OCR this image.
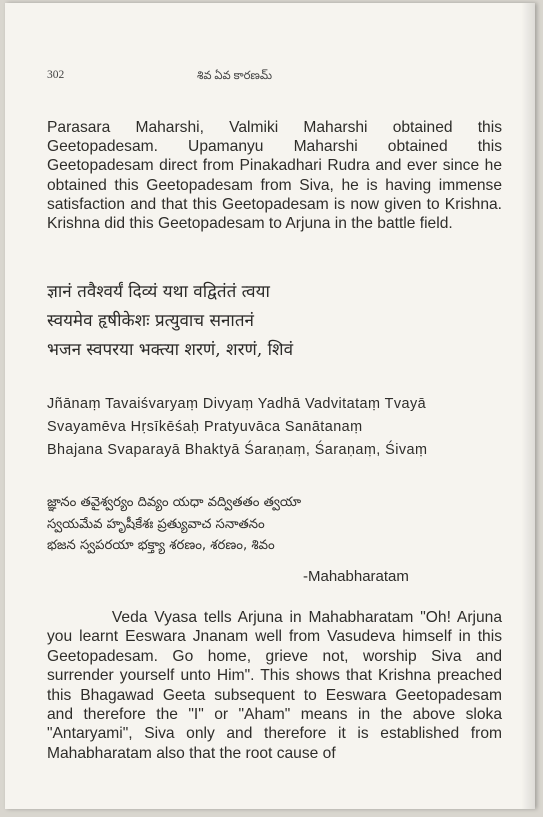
302	శివ ఏవ కారణమ్
Parasara Maharshi, Valmiki Maharshi obtained this Geetopadesam. Upamanyu Maharshi obtained this Geetopadesam direct from Pinakadhari Rudra and ever since he obtained this Geetopadesam from Siva, he is having immense satisfaction and that this Geetopadesam is now given to Krishna. Krishna did this Geetopadesam to Arjuna in the battle field.
ज्ञानं तवैश्वर्यं दिव्यं यथा वद्वितंतं त्वया
स्वयमेव हृषीकेशः प्रत्युवाच सनातनं
भजन स्वपरया भक्त्या शरणं, शरणं, शिवं
Jñānaṃ Tavaiśvaryaṃ Divyaṃ Yadhā Vadvitataṃ Tvayā
Svayamēva Hṛsīkēśaḥ Pratyuvāca Sanātanaṃ
Bhajana Svaparayā Bhaktyā Śaraṇaṃ, Śaraṇaṃ, Śivaṃ
జ్ఞానం తవైశ్వర్యం దివ్యం యధా వద్వితతం త్వయా
స్వయమేవ హృషీకేశః ప్రత్యువాచ సనాతనం
భజన స్వపరయా భక్త్యా శరణం, శరణం, శివం
-Mahabharatam
Veda Vyasa tells Arjuna in Mahabharatam "Oh! Arjuna you learnt Eeswara Jnanam well from Vasudeva himself in this Geetopadesam. Go home, grieve not, worship Siva and surrender yourself unto Him". This shows that Krishna preached this Bhagawad Geeta subsequent to Eeswara Geetopadesam and therefore the "I" or "Aham" means in the above sloka "Antaryami", Siva only and therefore it is established from Mahabharatam also that the root cause of
